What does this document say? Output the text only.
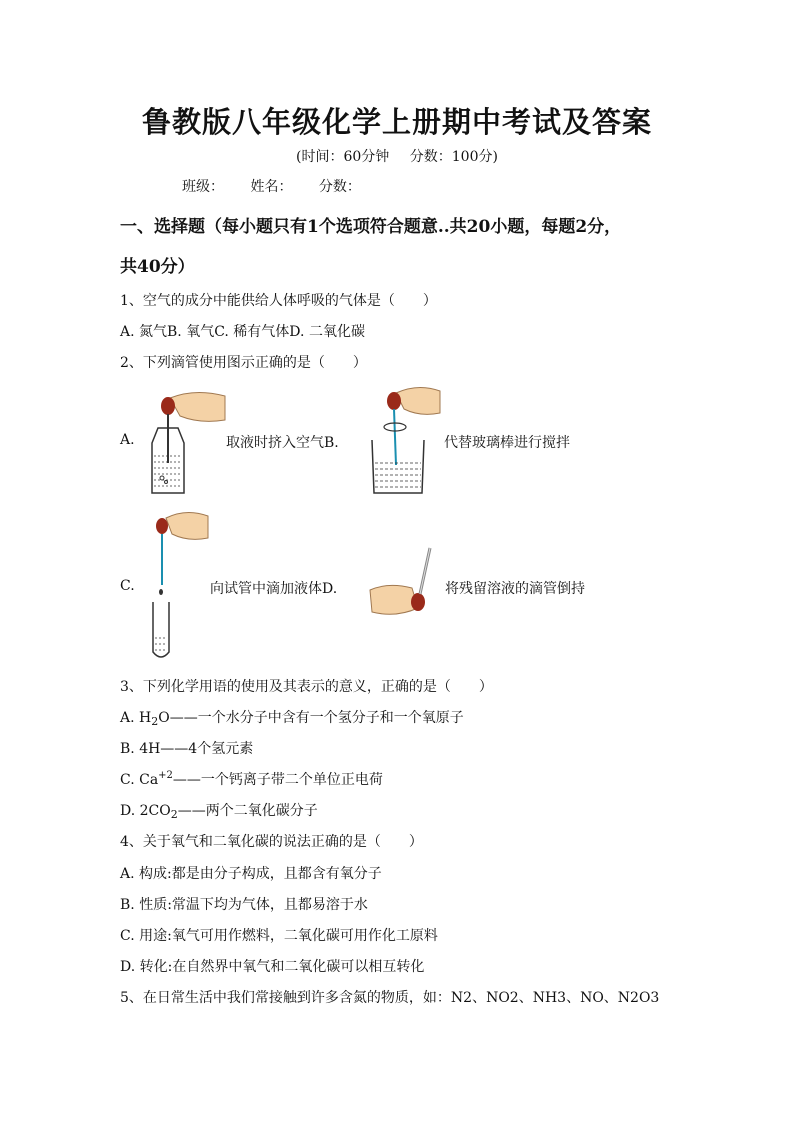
鲁教版八年级化学上册期中考试及答案
(时间：60分钟 分数：100分)
班级： 姓名： 分数：
一、选择题（每小题只有1个选项符合题意..共20小题，每题2分，
共40分）
1、空气的成分中能供给人体呼吸的气体是（　　）
A. 氮气B. 氧气C. 稀有气体D. 二氧化碳
2、下列滴管使用图示正确的是（　　）
A.	取液时挤入空气B.	代替玻璃棒进行搅拌
C.	向试管中滴加液体D.	将残留溶液的滴管倒持
3、下列化学用语的使用及其表示的意义，正确的是（　　）
A. $H_2O——$一个水分子中含有一个氢分子和一个氧原子
B. 4H——4个氢元素
C. $Ca^{+2}——$一个钙离子带二个单位正电荷
D. $2CO_2——$两个二氧化碳分子
4、关于氧气和二氧化碳的说法正确的是（　　）
A. 构成:都是由分子构成，且都含有氧分子
B. 性质:常温下均为气体，且都易溶于水
C. 用途:氧气可用作燃料，二氧化碳可用作化工原料
D. 转化:在自然界中氧气和二氧化碳可以相互转化
5、在日常生活中我们常接触到许多含氮的物质，如：N2、NO2、NH3、NO、N2O3
